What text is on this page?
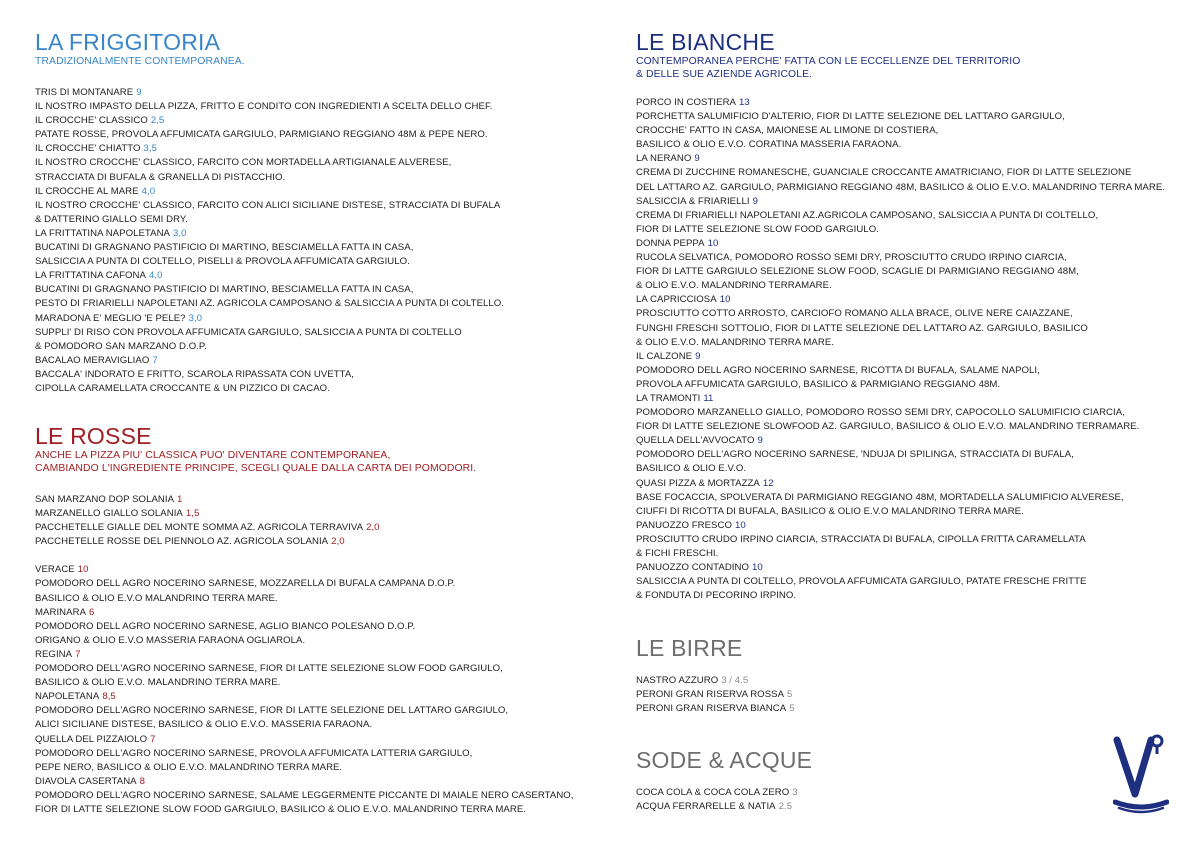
LA FRIGGITORIA
TRADIZIONALMENTE CONTEMPORANEA.
TRIS DI MONTANARE 9
IL NOSTRO IMPASTO DELLA PIZZA, FRITTO E CONDITO CON INGREDIENTI A SCELTA DELLO CHEF.
IL CROCCHE' CLASSICO 2,5
PATATE ROSSE, PROVOLA AFFUMICATA GARGIULO, PARMIGIANO REGGIANO 48M & PEPE NERO.
IL CROCCHE' CHIATTO 3,5
IL NOSTRO CROCCHE' CLASSICO, FARCITO CON MORTADELLA ARTIGIANALE ALVERESE,
STRACCIATA DI BUFALA & GRANELLA DI PISTACCHIO.
IL CROCCHE AL MARE 4,0
IL NOSTRO CROCCHE' CLASSICO, FARCITO CON ALICI SICILIANE DISTESE, STRACCIATA DI BUFALA
& DATTERINO GIALLO SEMI DRY.
LA FRITTATINA NAPOLETANA 3,0
BUCATINI DI GRAGNANO PASTIFICIO DI MARTINO, BESCIAMELLA FATTA IN CASA,
SALSICCIA A PUNTA DI COLTELLO, PISELLI & PROVOLA AFFUMICATA GARGIULO.
LA FRITTATINA CAFONA 4,0
BUCATINI DI GRAGNANO PASTIFICIO DI MARTINO, BESCIAMELLA FATTA IN CASA,
PESTO DI FRIARIELLI NAPOLETANI AZ. AGRICOLA CAMPOSANO & SALSICCIA A PUNTA DI COLTELLO.
MARADONA E' MEGLIO 'E PELE? 3,0
SUPPLI' DI RISO CON PROVOLA AFFUMICATA GARGIULO, SALSICCIA A PUNTA DI COLTELLO
& POMODORO SAN MARZANO D.O.P.
BACALAO MERAVIGLIAO 7
BACCALA' INDORATO E FRITTO, SCAROLA RIPASSATA CON UVETTA,
CIPOLLA CARAMELLATA CROCCANTE & UN PIZZICO DI CACAO.
LE ROSSE
ANCHE LA PIZZA PIU' CLASSICA PUO' DIVENTARE CONTEMPORANEA,
CAMBIANDO L'INGREDIENTE PRINCIPE, SCEGLI QUALE DALLA CARTA DEI POMODORI.
SAN MARZANO DOP SOLANIA 1
MARZANELLO GIALLO SOLANIA 1,5
PACCHETELLE GIALLE DEL MONTE SOMMA AZ. AGRICOLA TERRAVIVA 2,0
PACCHETELLE ROSSE DEL PIENNOLO AZ. AGRICOLA SOLANIA 2,0
VERACE 10
POMODORO DELL AGRO NOCERINO SARNESE, MOZZARELLA DI BUFALA CAMPANA D.O.P.
BASILICO & OLIO E.V.O MALANDRINO TERRA MARE.
MARINARA 6
POMODORO DELL AGRO NOCERINO SARNESE, AGLIO BIANCO POLESANO D.O.P.
ORIGANO & OLIO E.V.O MASSERIA FARAONA OGLIAROLA.
REGINA 7
POMODORO DELL'AGRO NOCERINO SARNESE, FIOR DI LATTE SELEZIONE SLOW FOOD GARGIULO,
BASILICO & OLIO E.V.O. MALANDRINO TERRA MARE.
NAPOLETANA 8,5
POMODORO DELL'AGRO NOCERINO SARNESE, FIOR DI LATTE SELEZIONE DEL LATTARO GARGIULO,
ALICI SICILIANE DISTESE, BASILICO & OLIO E.V.O. MASSERIA FARAONA.
QUELLA DEL PIZZAIOLO 7
POMODORO DELL'AGRO NOCERINO SARNESE, PROVOLA AFFUMICATA LATTERIA GARGIULO,
PEPE NERO, BASILICO & OLIO E.V.O. MALANDRINO TERRA MARE.
DIAVOLA CASERTANA 8
POMODORO DELL'AGRO NOCERINO SARNESE, SALAME LEGGERMENTE PICCANTE DI MAIALE NERO CASERTANO,
FIOR DI LATTE SELEZIONE SLOW FOOD GARGIULO, BASILICO & OLIO E.V.O. MALANDRINO TERRA MARE.
LE BIANCHE
CONTEMPORANEA PERCHE' FATTA CON LE ECCELLENZE DEL TERRITORIO
& DELLE SUE AZIENDE AGRICOLE.
PORCO IN COSTIERA 13
PORCHETTA SALUMIFICIO D'ALTERIO, FIOR DI LATTE SELEZIONE DEL LATTARO GARGIULO,
CROCCHE' FATTO IN CASA, MAIONESE AL LIMONE DI COSTIERA,
BASILICO & OLIO E.V.O. CORATINA MASSERIA FARAONA.
LA NERANO 9
CREMA DI ZUCCHINE ROMANESCHE, GUANCIALE CROCCANTE AMATRICIANO, FIOR DI LATTE SELEZIONE
DEL LATTARO AZ. GARGIULO, PARMIGIANO REGGIANO 48M, BASILICO & OLIO E.V.O. MALANDRINO TERRA MARE.
SALSICCIA & FRIARIELLI 9
CREMA DI FRIARIELLI NAPOLETANI AZ.AGRICOLA CAMPOSANO, SALSICCIA A PUNTA DI COLTELLO,
FIOR DI LATTE SELEZIONE SLOW FOOD GARGIULO.
DONNA PEPPA 10
RUCOLA SELVATICA, POMODORO ROSSO SEMI DRY, PROSCIUTTO CRUDO IRPINO CIARCIA,
FIOR DI LATTE GARGIULO SELEZIONE SLOW FOOD, SCAGLIE DI PARMIGIANO REGGIANO 48M,
& OLIO E.V.O. MALANDRINO TERRAMARE.
LA CAPRICCIOSA 10
PROSCIUTTO COTTO ARROSTO, CARCIOFO ROMANO ALLA BRACE, OLIVE NERE CAIAZZANE,
FUNGHI FRESCHI SOTTOLIO, FIOR DI LATTE SELEZIONE DEL LATTARO AZ. GARGIULO, BASILICO
& OLIO E.V.O. MALANDRINO TERRA MARE.
IL CALZONE 9
POMODORO DELL AGRO NOCERINO SARNESE, RICOTTA DI BUFALA, SALAME NAPOLI,
PROVOLA AFFUMICATA GARGIULO, BASILICO & PARMIGIANO REGGIANO 48M.
LA TRAMONTI 11
POMODORO MARZANELLO GIALLO, POMODORO ROSSO SEMI DRY, CAPOCOLLO SALUMIFICIO CIARCIA,
FIOR DI LATTE SELEZIONE SLOWFOOD AZ. GARGIULO, BASILICO & OLIO E.V.O. MALANDRINO TERRAMARE.
QUELLA DELL'AVVOCATO 9
POMODORO DELL'AGRO NOCERINO SARNESE, 'NDUJA DI SPILINGA, STRACCIATA DI BUFALA,
BASILICO & OLIO E.V.O.
QUASI PIZZA & MORTAZZA 12
BASE FOCACCIA, SPOLVERATA DI PARMIGIANO REGGIANO 48M, MORTADELLA SALUMIFICIO ALVERESE,
CIUFFI DI RICOTTA DI BUFALA, BASILICO & OLIO E.V.O MALANDRINO TERRA MARE.
PANUOZZO FRESCO 10
PROSCIUTTO CRUDO IRPINO CIARCIA, STRACCIATA DI BUFALA, CIPOLLA FRITTA CARAMELLATA
& FICHI FRESCHI.
PANUOZZO CONTADINO 10
SALSICCIA A PUNTA DI COLTELLO, PROVOLA AFFUMICATA GARGIULO, PATATE FRESCHE FRITTE
& FONDUTA DI PECORINO IRPINO.
LE BIRRE
NASTRO AZZURO 3 / 4.5
PERONI GRAN RISERVA ROSSA 5
PERONI GRAN RISERVA BIANCA 5
SODE & ACQUE
COCA COLA & COCA COLA ZERO 3
ACQUA FERRARELLE & NATIA 2.5
